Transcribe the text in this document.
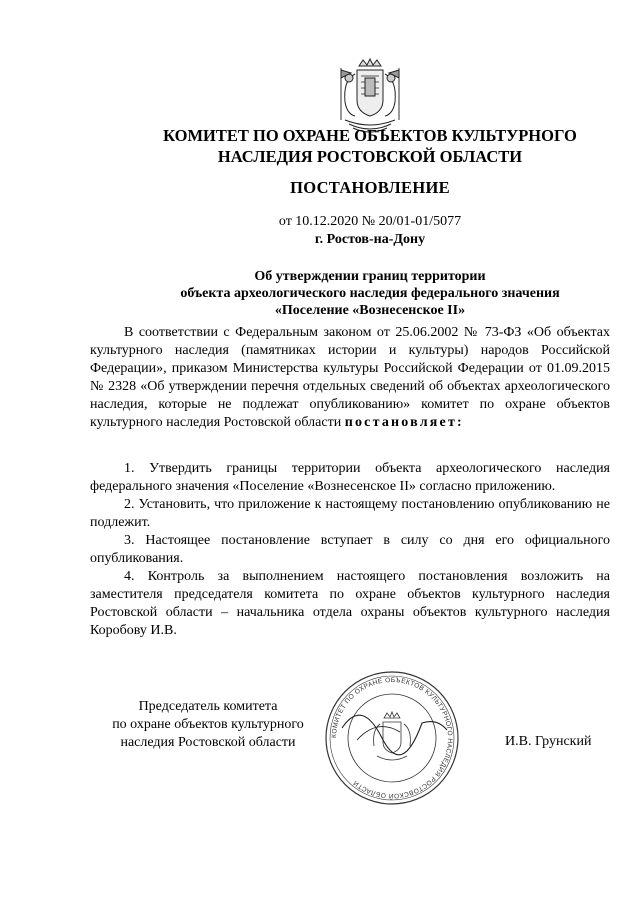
КОМИТЕТ ПО ОХРАНЕ ОБЪЕКТОВ КУЛЬТУРНОГО
НАСЛЕДИЯ РОСТОВСКОЙ ОБЛАСТИ
ПОСТАНОВЛЕНИЕ
от 10.12.2020 № 20/01-01/5077
г. Ростов-на-Дону
Об утверждении границ территории
объекта археологического наследия федерального значения
«Поселение «Вознесенское II»

В соответствии с Федеральным законом от 25.06.2002 № 73-ФЗ «Об объектах культурного наследия (памятниках истории и культуры) народов Российской Федерации», приказом Министерства культуры Российской Федерации от 01.09.2015 № 2328 «Об утверждении перечня отдельных сведений об объектах археологического наследия, которые не подлежат опубликованию» комитет по охране объектов культурного наследия Ростовской области постановляет:

1. Утвердить границы территории объекта археологического наследия федерального значения «Поселение «Вознесенское II» согласно приложению.

2. Установить, что приложение к настоящему постановлению опубликованию не подлежит.

3. Настоящее постановление вступает в силу со дня его официального опубликования.

4. Контроль за выполнением настоящего постановления возложить на заместителя председателя комитета по охране объектов культурного наследия Ростовской области – начальника отдела охраны объектов культурного наследия Коробову И.В.

КОМИТЕТ ПО ОХРАНЕ ОБЪЕКТОВ КУЛЬТУРНОГО НАСЛЕДИЯ РОСТОВСКОЙ ОБЛАСТИ
Председатель комитета
по охране объектов культурного
наследия Ростовской области	И.В. Грунский
